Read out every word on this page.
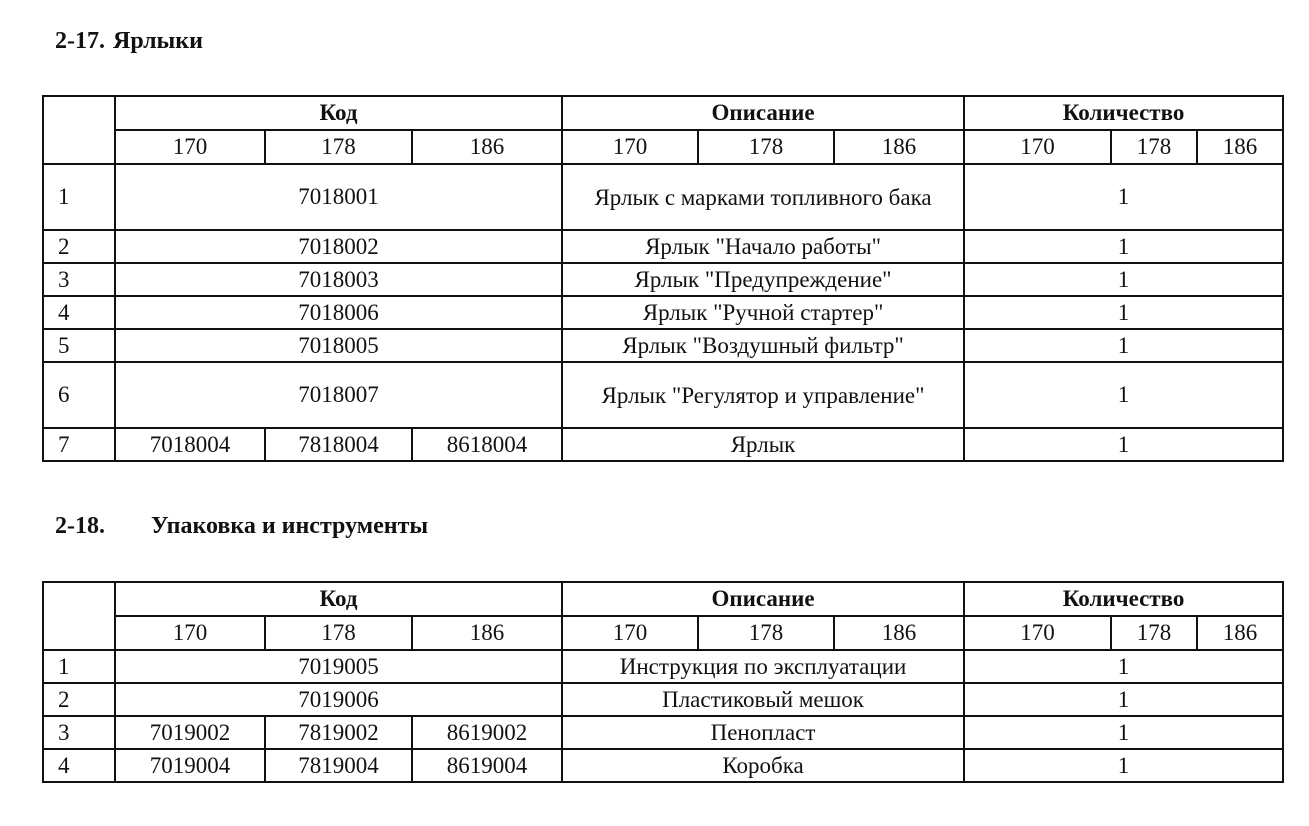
2-17. Ярлыки
	Код			Описание			Количество		
	170	178	186	170	178	186	170	178	186
1	7018001			Ярлык с марками топливного бака			1		
2	7018002			Ярлык "Начало работы"			1		
3	7018003			Ярлык "Предупреждение"			1		
4	7018006			Ярлык "Ручной стартер"			1		
5	7018005			Ярлык "Воздушный фильтр"			1		
6	7018007			Ярлык "Регулятор и управление"			1		
7	7018004	7818004	8618004	Ярлык			1		
2-18. Упаковка и инструменты
	Код			Описание			Количество		
	170	178	186	170	178	186	170	178	186
1	7019005			Инструкция по эксплуатации			1		
2	7019006			Пластиковый мешок			1		
3	7019002	7819002	8619002	Пенопласт			1		
4	7019004	7819004	8619004	Коробка			1		
